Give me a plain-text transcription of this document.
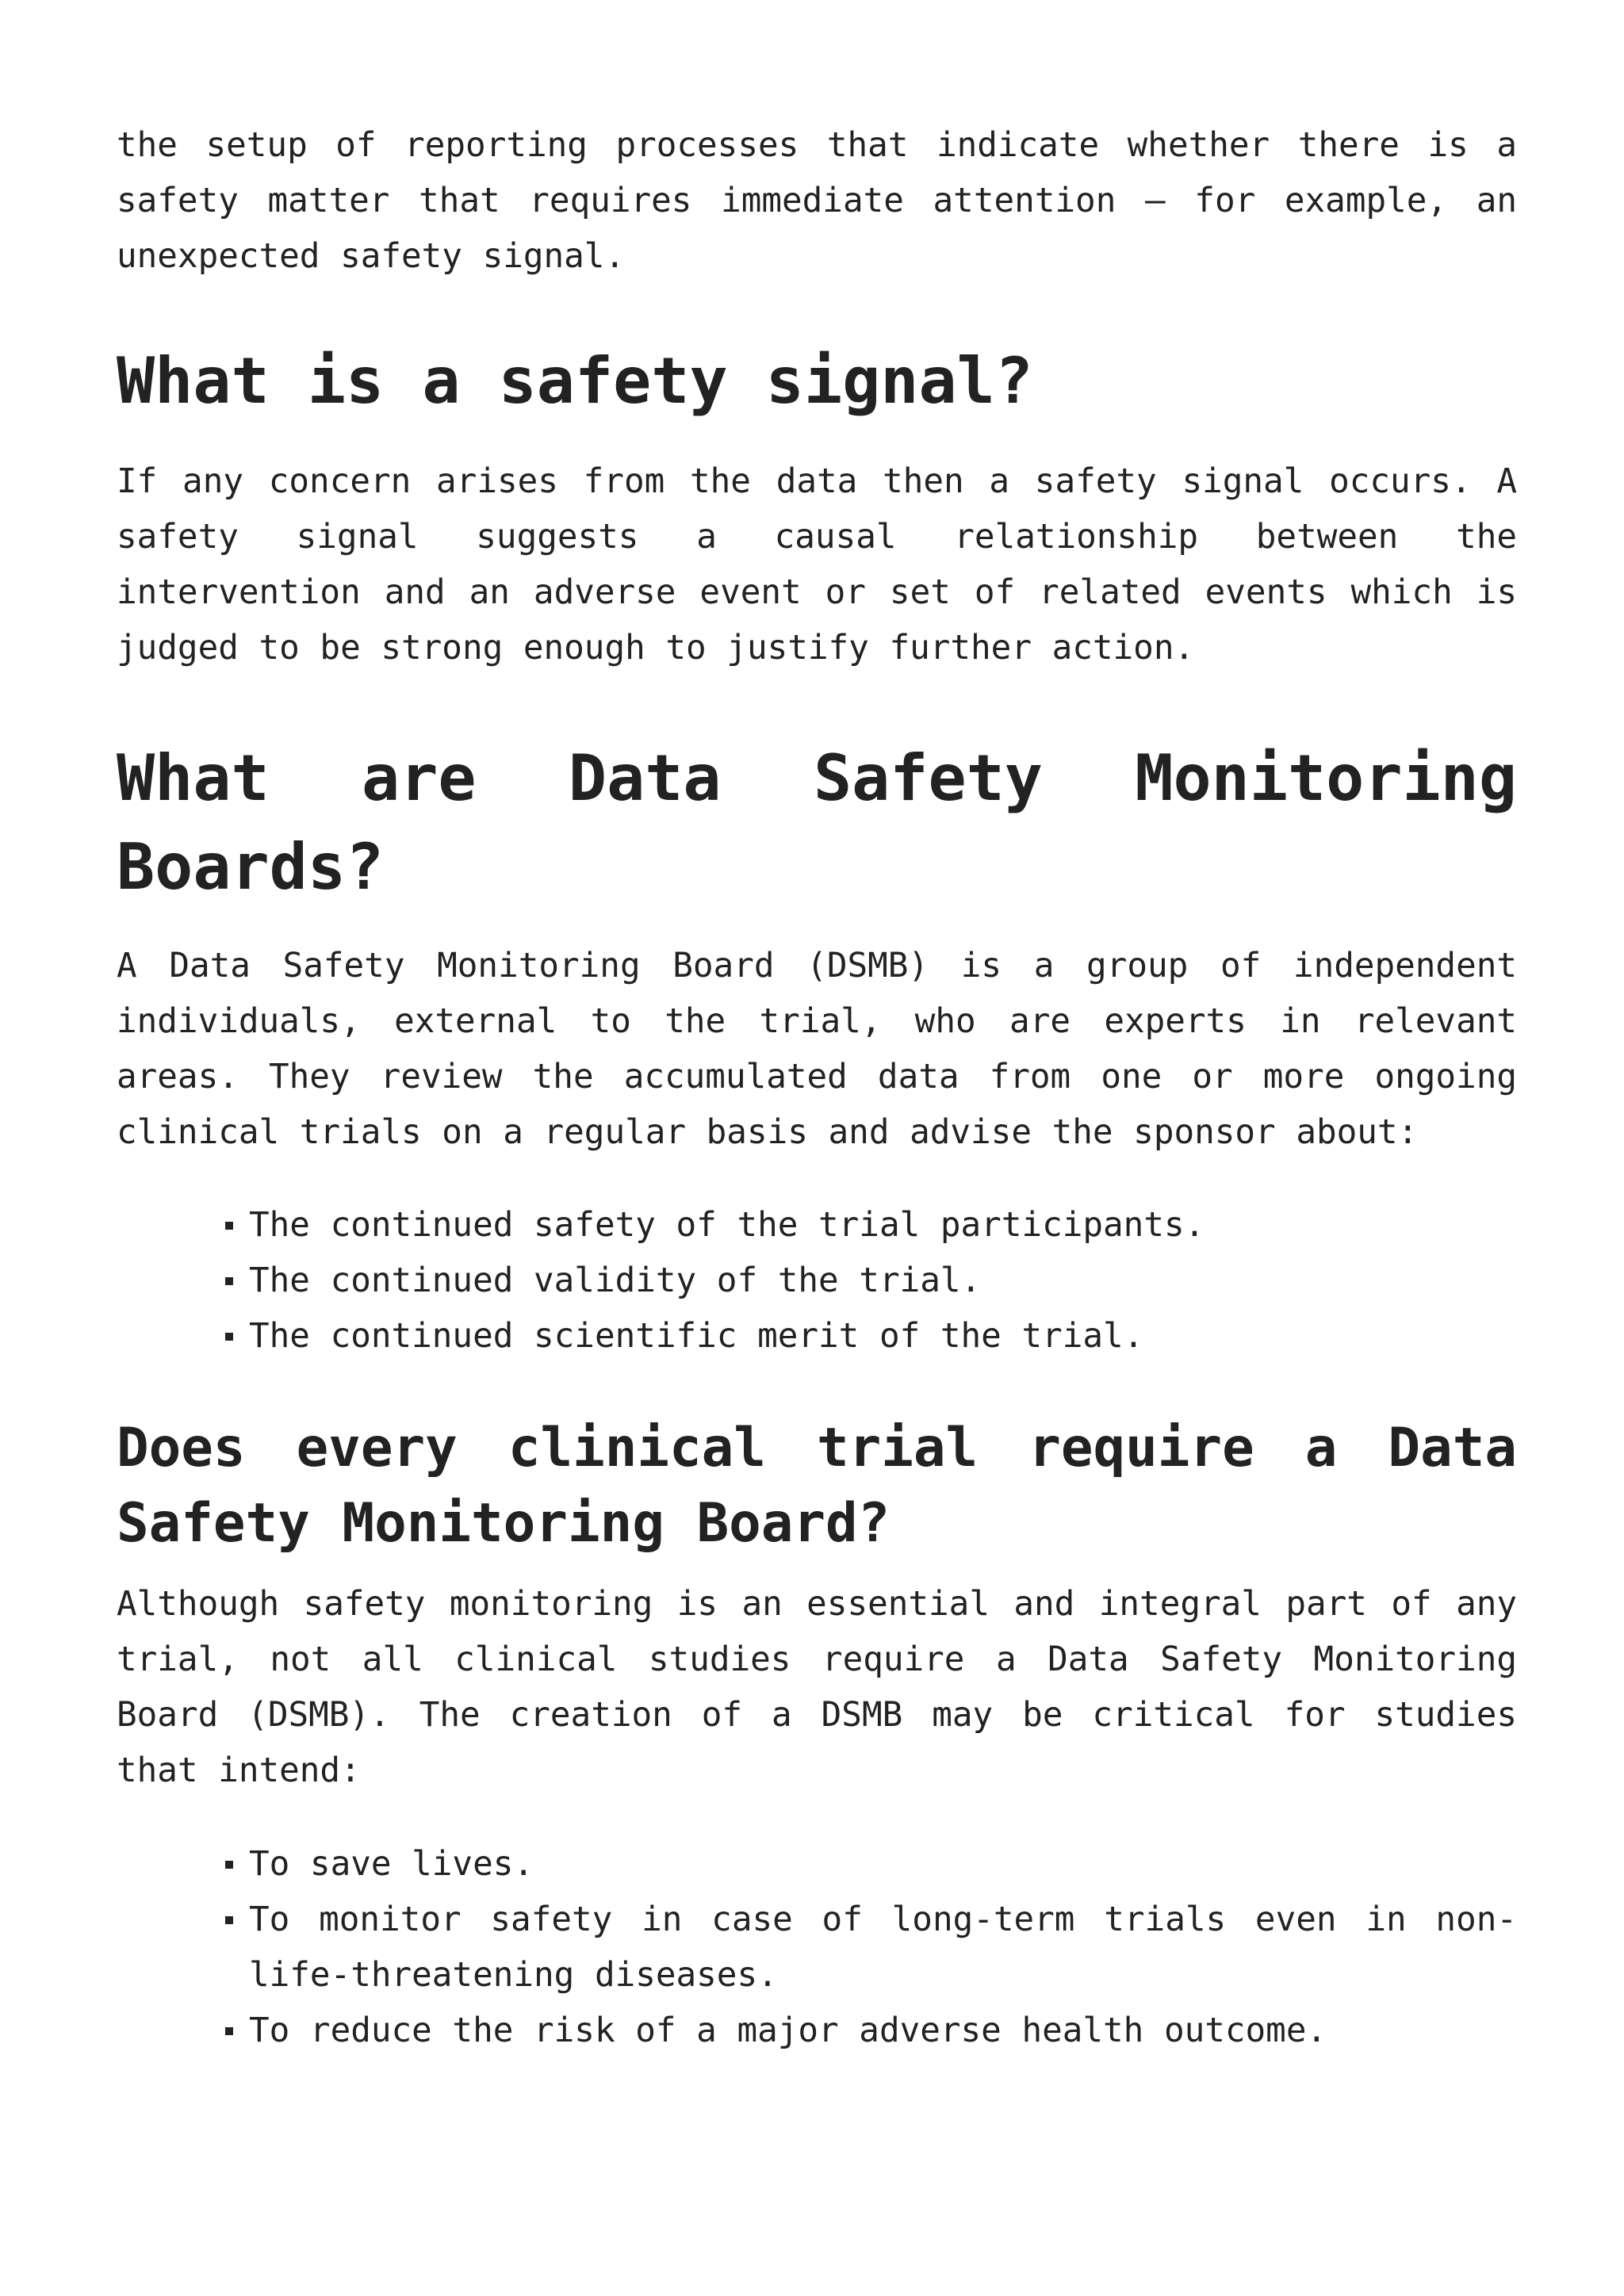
the setup of reporting processes that indicate whether there is a safety matter that requires immediate attention – for example, an unexpected safety signal.

What is a safety signal?

If any concern arises from the data then a safety signal occurs. A safety signal suggests a causal relationship between the intervention and an adverse event or set of related events which is judged to be strong enough to justify further action.

What are Data Safety Monitoring Boards?

A Data Safety Monitoring Board (DSMB) is a group of independent individuals, external to the trial, who are experts in relevant areas. They review the accumulated data from one or more ongoing clinical trials on a regular basis and advise the sponsor about:

The continued safety of the trial participants.
The continued validity of the trial.
The continued scientific merit of the trial.
Does every clinical trial require a Data Safety Monitoring Board?

Although safety monitoring is an essential and integral part of any trial, not all clinical studies require a Data Safety Monitoring Board (DSMB). The creation of a DSMB may be critical for studies that intend:

To save lives.
To monitor safety in case of long-term trials even in non-life-threatening diseases.
To reduce the risk of a major adverse health outcome.
